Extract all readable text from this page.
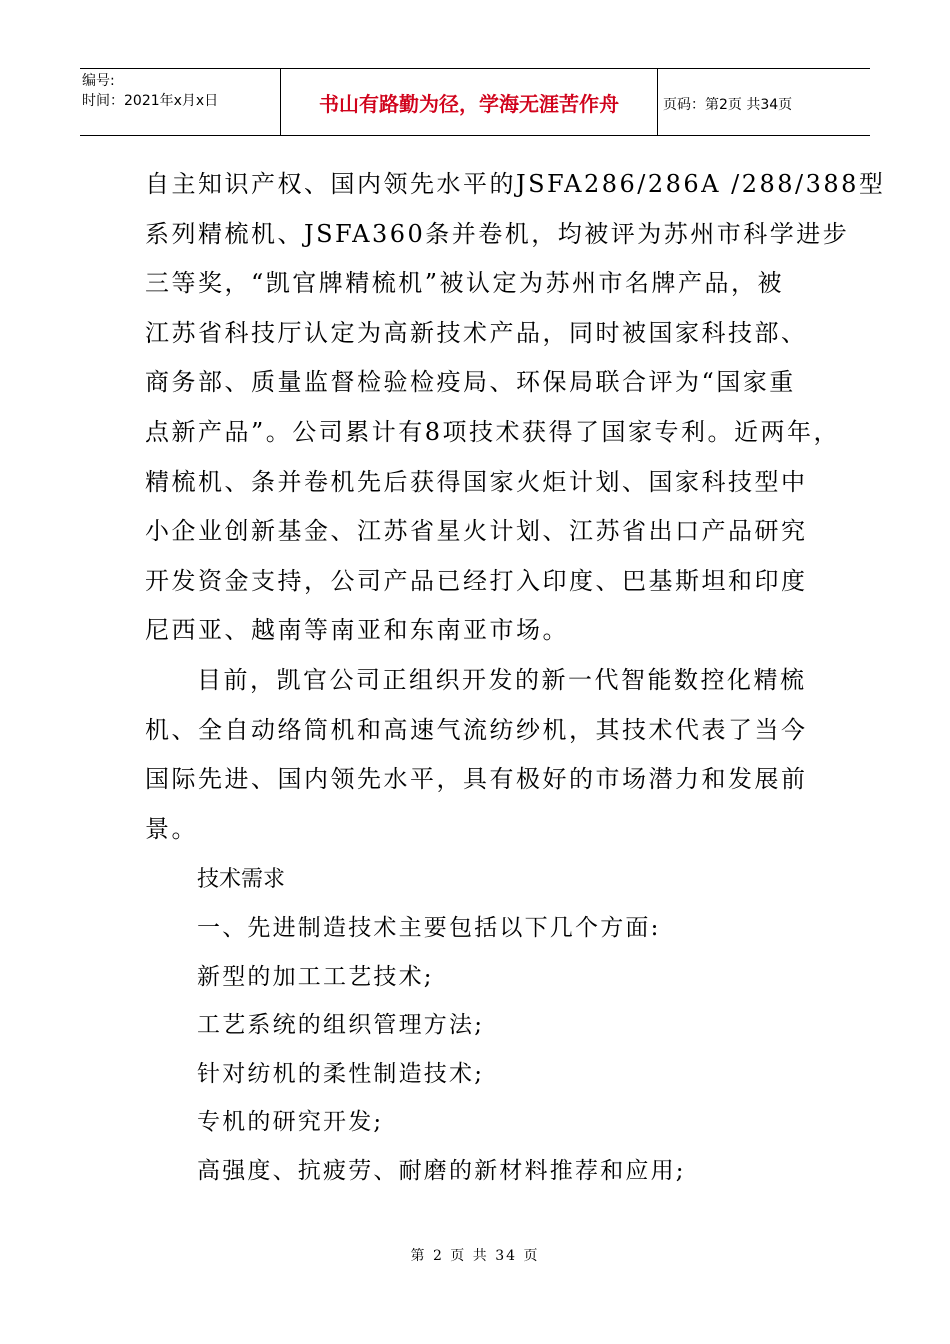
编号:
时间：2021年x月x日	书山有路勤为径，学海无涯苦作舟	页码：第2页 共34页

自主知识产权、国内领先水平的JSFA286/286A /288/388型
系列精梳机、JSFA360条并卷机，均被评为苏州市科学进步
三等奖，“凯官牌精梳机”被认定为苏州市名牌产品，被
江苏省科技厅认定为高新技术产品，同时被国家科技部、
商务部、质量监督检验检疫局、环保局联合评为“国家重
点新产品”。公司累计有8项技术获得了国家专利。近两年，
精梳机、条并卷机先后获得国家火炬计划、国家科技型中
小企业创新基金、江苏省星火计划、江苏省出口产品研究
开发资金支持，公司产品已经打入印度、巴基斯坦和印度
尼西亚、越南等南亚和东南亚市场。

目前，凯官公司正组织开发的新一代智能数控化精梳
机、全自动络筒机和高速气流纺纱机，其技术代表了当今
国际先进、国内领先水平，具有极好的市场潜力和发展前
景。

技术需求

一、先进制造技术主要包括以下几个方面:

新型的加工工艺技术;

工艺系统的组织管理方法;

针对纺机的柔性制造技术;

专机的研究开发;

高强度、抗疲劳、耐磨的新材料推荐和应用;

第 2 页 共 34 页
